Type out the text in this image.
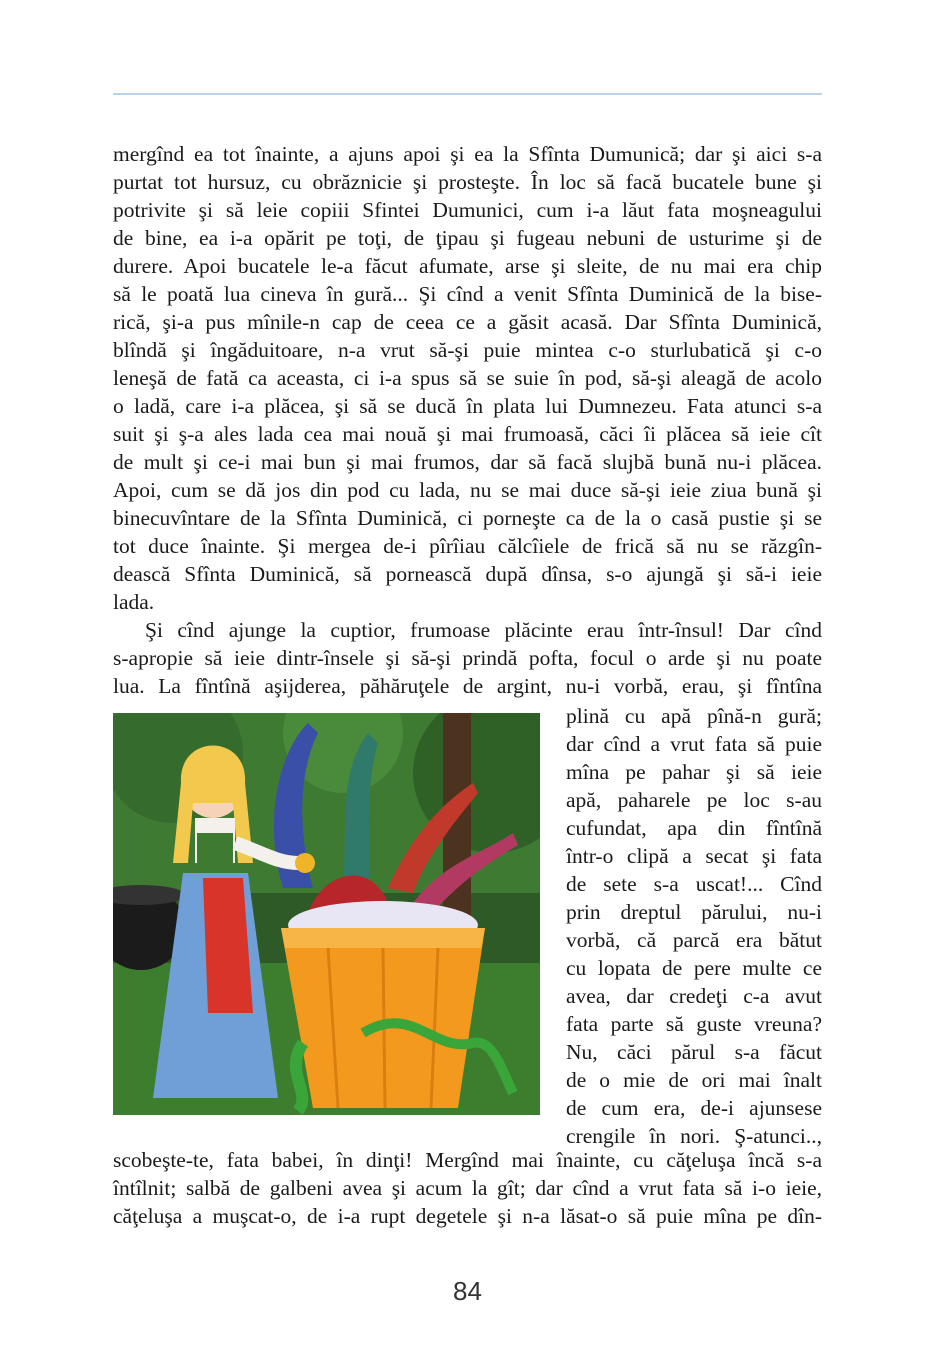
mergînd ea tot înainte, a ajuns apoi şi ea la Sfînta Dumunică; dar şi aici s-a
purtat tot hursuz, cu obrăznicie şi prosteşte. În loc să facă bucatele bune şi
potrivite şi să leie copiii Sfintei Dumunici, cum i-a lăut fata moşneagului
de bine, ea i-a opărit pe toţi, de ţipau şi fugeau nebuni de usturime şi de
durere. Apoi bucatele le-a făcut afumate, arse şi sleite, de nu mai era chip
să le poată lua cineva în gură... Şi cînd a venit Sfînta Duminică de la bise-
rică, şi-a pus mînile-n cap de ceea ce a găsit acasă. Dar Sfînta Duminică,
blîndă şi îngăduitoare, n-a vrut să-şi puie mintea c-o sturlubatică şi c-o
leneşă de fată ca aceasta, ci i-a spus să se suie în pod, să-şi aleagă de acolo
o ladă, care i-a plăcea, şi să se ducă în plata lui Dumnezeu. Fata atunci s-a
suit şi ş-a ales lada cea mai nouă şi mai frumoasă, căci îi plăcea să ieie cît
de mult şi ce-i mai bun şi mai frumos, dar să facă slujbă bună nu-i plăcea.
Apoi, cum se dă jos din pod cu lada, nu se mai duce să-şi ieie ziua bună şi
binecuvîntare de la Sfînta Duminică, ci porneşte ca de la o casă pustie şi se
tot duce înainte. Şi mergea de-i pîrîiau călcîiele de frică să nu se răzgîn-
dească Sfînta Duminică, să pornească după dînsa, s-o ajungă şi să-i ieie
lada.
Şi cînd ajunge la cuptior, frumoase plăcinte erau într-însul! Dar cînd
s-apropie să ieie dintr-însele şi să-şi prindă pofta, focul o arde şi nu poate
lua. La fîntînă aşijderea, păhăruţele de argint, nu-i vorbă, erau, şi fîntîna
plină cu apă pînă-n gură;
dar cînd a vrut fata să puie
mîna pe pahar şi să ieie
apă, paharele pe loc s-au
cufundat, apa din fîntînă
într-o clipă a secat şi fata
de sete s-a uscat!... Cînd
prin dreptul părului, nu-i
vorbă, că parcă era bătut
cu lopata de pere multe ce
avea, dar credeţi c-a avut
fata parte să guste vreuna?
Nu, căci părul s-a făcut
de o mie de ori mai înalt
de cum era, de-i ajunsese
crengile în nori. Ş-atunci..,
scobeşte-te, fata babei, în dinţi! Mergînd mai înainte, cu căţeluşa încă s-a
întîlnit; salbă de galbeni avea şi acum la gît; dar cînd a vrut fata să i-o ieie,
căţeluşa a muşcat-o, de i-a rupt degetele şi n-a lăsat-o să puie mîna pe dîn-
84
